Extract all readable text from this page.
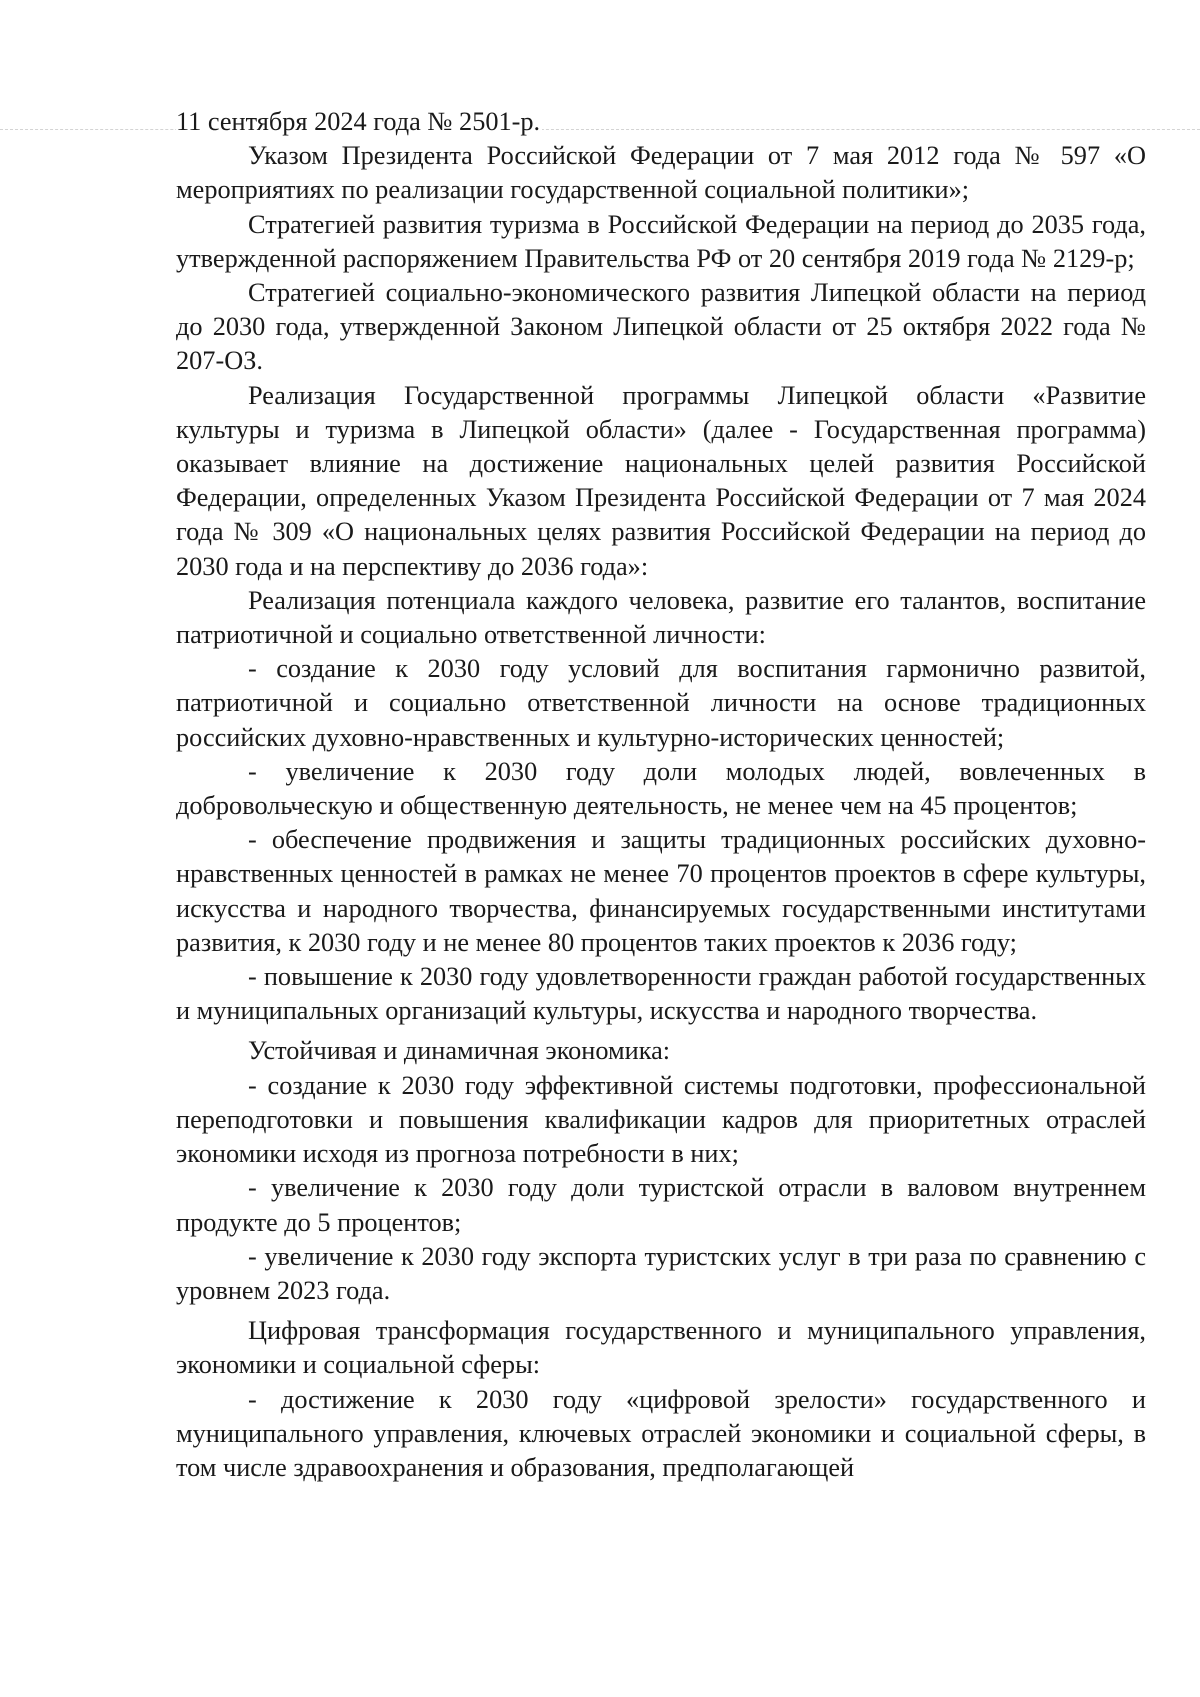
11 сентября 2024 года № 2501-р.

Указом Президента Российской Федерации от 7 мая 2012 года № 597 «О мероприятиях по реализации государственной социальной политики»;

Стратегией развития туризма в Российской Федерации на период до 2035 года, утвержденной распоряжением Правительства РФ от 20 сентября 2019 года № 2129-р;

Стратегией социально-экономического развития Липецкой области на период до 2030 года, утвержденной Законом Липецкой области от 25 октября 2022 года № 207-ОЗ.

Реализация Государственной программы Липецкой области «Развитие культуры и туризма в Липецкой области» (далее - Государственная программа) оказывает влияние на достижение национальных целей развития Российской Федерации, определенных Указом Президента Российской Федерации от 7 мая 2024 года № 309 «О национальных целях развития Российской Федерации на период до 2030 года и на перспективу до 2036 года»:

Реализация потенциала каждого человека, развитие его талантов, воспитание патриотичной и социально ответственной личности:

- создание к 2030 году условий для воспитания гармонично развитой, патриотичной и социально ответственной личности на основе традиционных российских духовно-нравственных и культурно-исторических ценностей;

- увеличение к 2030 году доли молодых людей, вовлеченных в добровольческую и общественную деятельность, не менее чем на 45 процентов;

- обеспечение продвижения и защиты традиционных российских духовно-нравственных ценностей в рамках не менее 70 процентов проектов в сфере культуры, искусства и народного творчества, финансируемых государственными институтами развития, к 2030 году и не менее 80 процентов таких проектов к 2036 году;

- повышение к 2030 году удовлетворенности граждан работой государственных и муниципальных организаций культуры, искусства и народного творчества.

Устойчивая и динамичная экономика:

- создание к 2030 году эффективной системы подготовки, профессиональной переподготовки и повышения квалификации кадров для приоритетных отраслей экономики исходя из прогноза потребности в них;

- увеличение к 2030 году доли туристской отрасли в валовом внутреннем продукте до 5 процентов;

- увеличение к 2030 году экспорта туристских услуг в три раза по сравнению с уровнем 2023 года.

Цифровая трансформация государственного и муниципального управления, экономики и социальной сферы:

- достижение к 2030 году «цифровой зрелости» государственного и муниципального управления, ключевых отраслей экономики и социальной сферы, в том числе здравоохранения и образования, предполагающей
